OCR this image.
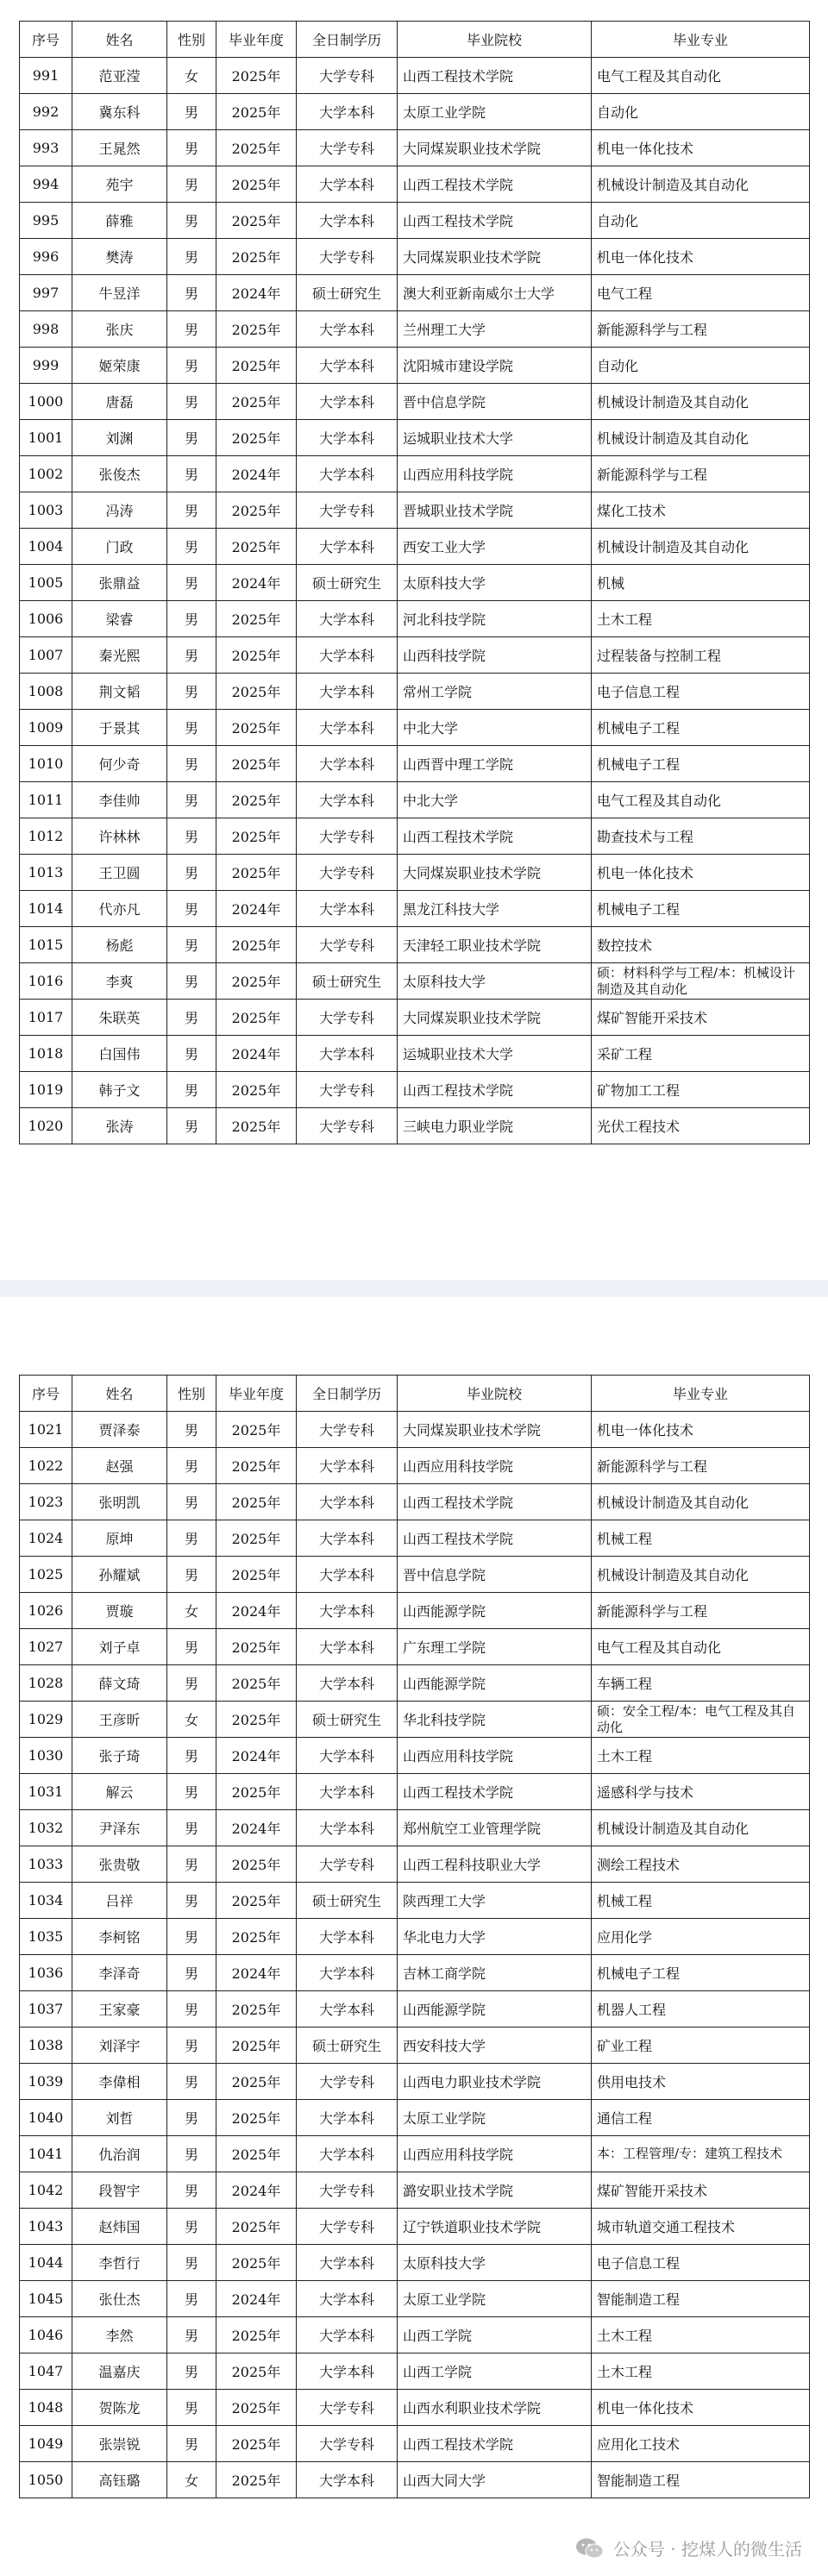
序号	姓名	性别	毕业年度	全日制学历	毕业院校	毕业专业
991	范亚滢	女	2025年	大学专科	山西工程技术学院	电气工程及其自动化
992	冀东科	男	2025年	大学本科	太原工业学院	自动化
993	王晁然	男	2025年	大学专科	大同煤炭职业技术学院	机电一体化技术
994	苑宇	男	2025年	大学本科	山西工程技术学院	机械设计制造及其自动化
995	薛雅	男	2025年	大学本科	山西工程技术学院	自动化
996	樊涛	男	2025年	大学专科	大同煤炭职业技术学院	机电一体化技术
997	牛昱洋	男	2024年	硕士研究生	澳大利亚新南威尔士大学	电气工程
998	张庆	男	2025年	大学本科	兰州理工大学	新能源科学与工程
999	姬荣康	男	2025年	大学本科	沈阳城市建设学院	自动化
1000	唐磊	男	2025年	大学本科	晋中信息学院	机械设计制造及其自动化
1001	刘渊	男	2025年	大学本科	运城职业技术大学	机械设计制造及其自动化
1002	张俊杰	男	2024年	大学本科	山西应用科技学院	新能源科学与工程
1003	冯涛	男	2025年	大学专科	晋城职业技术学院	煤化工技术
1004	门政	男	2025年	大学本科	西安工业大学	机械设计制造及其自动化
1005	张鼎益	男	2024年	硕士研究生	太原科技大学	机械
1006	梁睿	男	2025年	大学本科	河北科技学院	土木工程
1007	秦光熙	男	2025年	大学本科	山西科技学院	过程装备与控制工程
1008	荆文韬	男	2025年	大学本科	常州工学院	电子信息工程
1009	于景其	男	2025年	大学本科	中北大学	机械电子工程
1010	何少奇	男	2025年	大学本科	山西晋中理工学院	机械电子工程
1011	李佳帅	男	2025年	大学本科	中北大学	电气工程及其自动化
1012	许林林	男	2025年	大学专科	山西工程技术学院	勘查技术与工程
1013	王卫圆	男	2025年	大学专科	大同煤炭职业技术学院	机电一体化技术
1014	代亦凡	男	2024年	大学本科	黑龙江科技大学	机械电子工程
1015	杨彪	男	2025年	大学专科	天津轻工职业技术学院	数控技术
1016	李爽	男	2025年	硕士研究生	太原科技大学	硕：材料科学与工程/本：机械设计制造及其自动化
1017	朱联英	男	2025年	大学专科	大同煤炭职业技术学院	煤矿智能开采技术
1018	白国伟	男	2024年	大学本科	运城职业技术大学	采矿工程
1019	韩子文	男	2025年	大学专科	山西工程技术学院	矿物加工工程
1020	张涛	男	2025年	大学专科	三峡电力职业学院	光伏工程技术
序号	姓名	性别	毕业年度	全日制学历	毕业院校	毕业专业
1021	贾泽泰	男	2025年	大学专科	大同煤炭职业技术学院	机电一体化技术
1022	赵强	男	2025年	大学本科	山西应用科技学院	新能源科学与工程
1023	张明凯	男	2025年	大学本科	山西工程技术学院	机械设计制造及其自动化
1024	原坤	男	2025年	大学本科	山西工程技术学院	机械工程
1025	孙耀斌	男	2025年	大学本科	晋中信息学院	机械设计制造及其自动化
1026	贾璇	女	2024年	大学本科	山西能源学院	新能源科学与工程
1027	刘子卓	男	2025年	大学本科	广东理工学院	电气工程及其自动化
1028	薛文琦	男	2025年	大学本科	山西能源学院	车辆工程
1029	王彦昕	女	2025年	硕士研究生	华北科技学院	硕：安全工程/本：电气工程及其自动化
1030	张子琦	男	2024年	大学本科	山西应用科技学院	土木工程
1031	解云	男	2025年	大学本科	山西工程技术学院	遥感科学与技术
1032	尹泽东	男	2024年	大学本科	郑州航空工业管理学院	机械设计制造及其自动化
1033	张贵敬	男	2025年	大学专科	山西工程科技职业大学	测绘工程技术
1034	吕祥	男	2025年	硕士研究生	陕西理工大学	机械工程
1035	李柯铭	男	2025年	大学本科	华北电力大学	应用化学
1036	李泽奇	男	2024年	大学本科	吉林工商学院	机械电子工程
1037	王家豪	男	2025年	大学本科	山西能源学院	机器人工程
1038	刘泽宇	男	2025年	硕士研究生	西安科技大学	矿业工程
1039	李偉相	男	2025年	大学专科	山西电力职业技术学院	供用电技术
1040	刘哲	男	2025年	大学本科	太原工业学院	通信工程
1041	仇治润	男	2025年	大学本科	山西应用科技学院	本：工程管理/专：建筑工程技术
1042	段智宇	男	2024年	大学专科	潞安职业技术学院	煤矿智能开采技术
1043	赵炜国	男	2025年	大学专科	辽宁铁道职业技术学院	城市轨道交通工程技术
1044	李哲行	男	2025年	大学本科	太原科技大学	电子信息工程
1045	张仕杰	男	2024年	大学本科	太原工业学院	智能制造工程
1046	李然	男	2025年	大学本科	山西工学院	土木工程
1047	温嘉庆	男	2025年	大学本科	山西工学院	土木工程
1048	贺陈龙	男	2025年	大学专科	山西水利职业技术学院	机电一体化技术
1049	张崇锐	男	2025年	大学专科	山西工程技术学院	应用化工技术
1050	高钰璐	女	2025年	大学本科	山西大同大学	智能制造工程
公众号 · 挖煤人的微生活
